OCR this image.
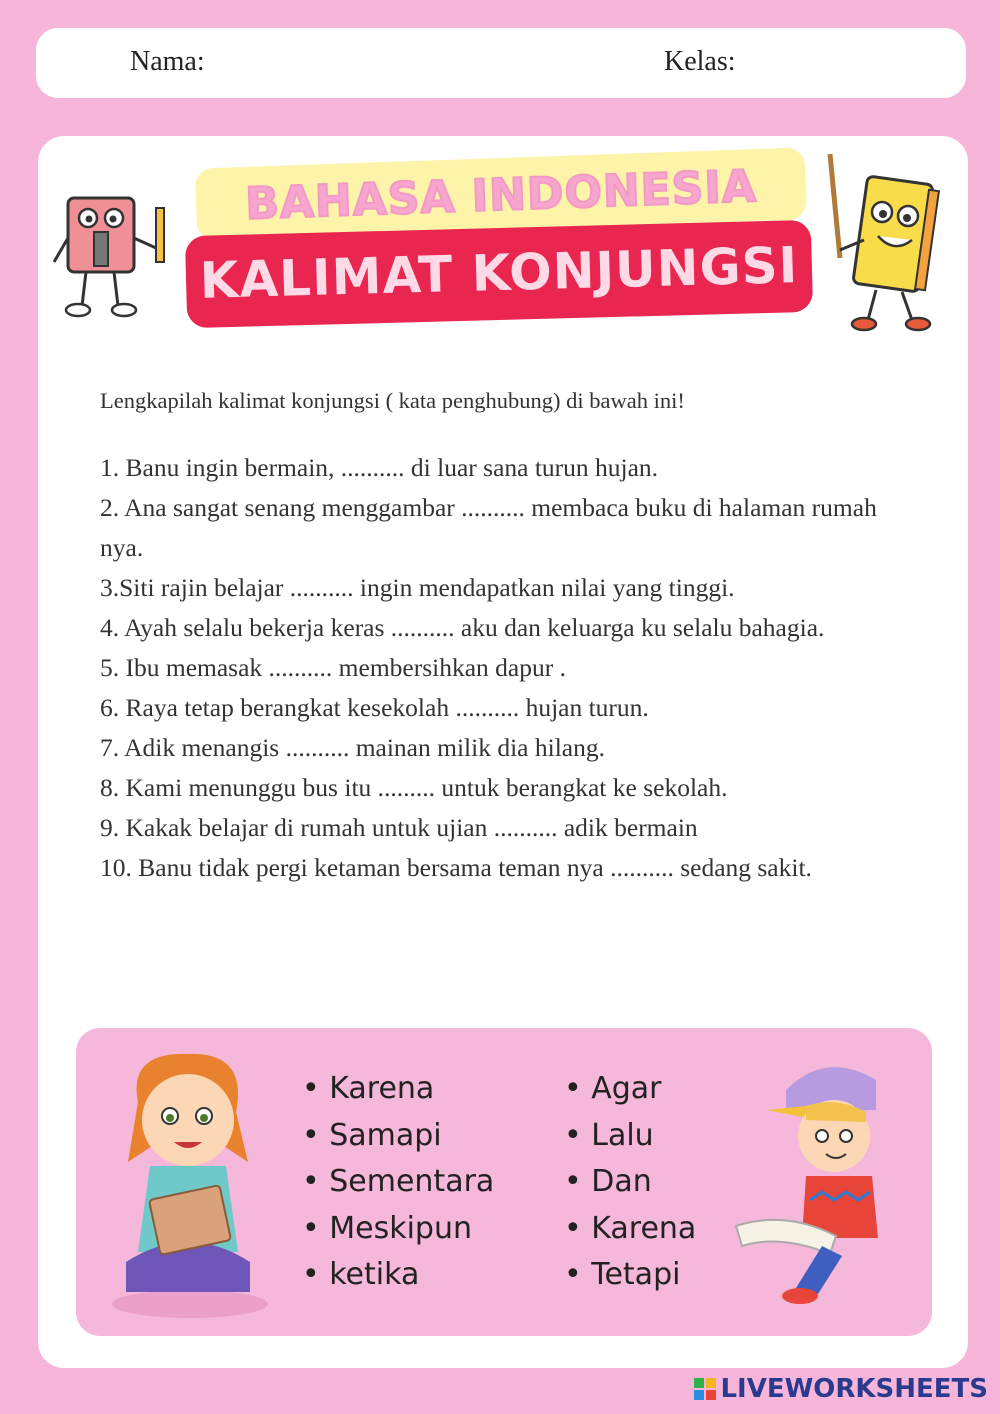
Nama:	Kelas:
BAHASA INDONESIA
KALIMAT KONJUNGSI
Lengkapilah kalimat konjungsi ( kata penghubung) di bawah ini!
1. Banu ingin bermain, .......... di luar sana turun hujan.
2. Ana sangat senang menggambar .......... membaca buku di halaman rumah nya.
3.Siti rajin belajar .......... ingin mendapatkan nilai yang tinggi.
4. Ayah selalu bekerja keras .......... aku dan keluarga ku selalu bahagia.
5. Ibu memasak .......... membersihkan dapur .
6. Raya tetap berangkat kesekolah .......... hujan turun.
7. Adik menangis .......... mainan milik dia hilang.
8. Kami menunggu bus itu ......... untuk berangkat ke sekolah.
9. Kakak belajar di rumah untuk ujian .......... adik bermain
10. Banu tidak pergi ketaman bersama teman nya .......... sedang sakit.
• Karena
• Samapi
• Sementara
• Meskipun
• ketika
• Agar
• Lalu
• Dan
• Karena
• Tetapi
LIVEWORKSHEETS
